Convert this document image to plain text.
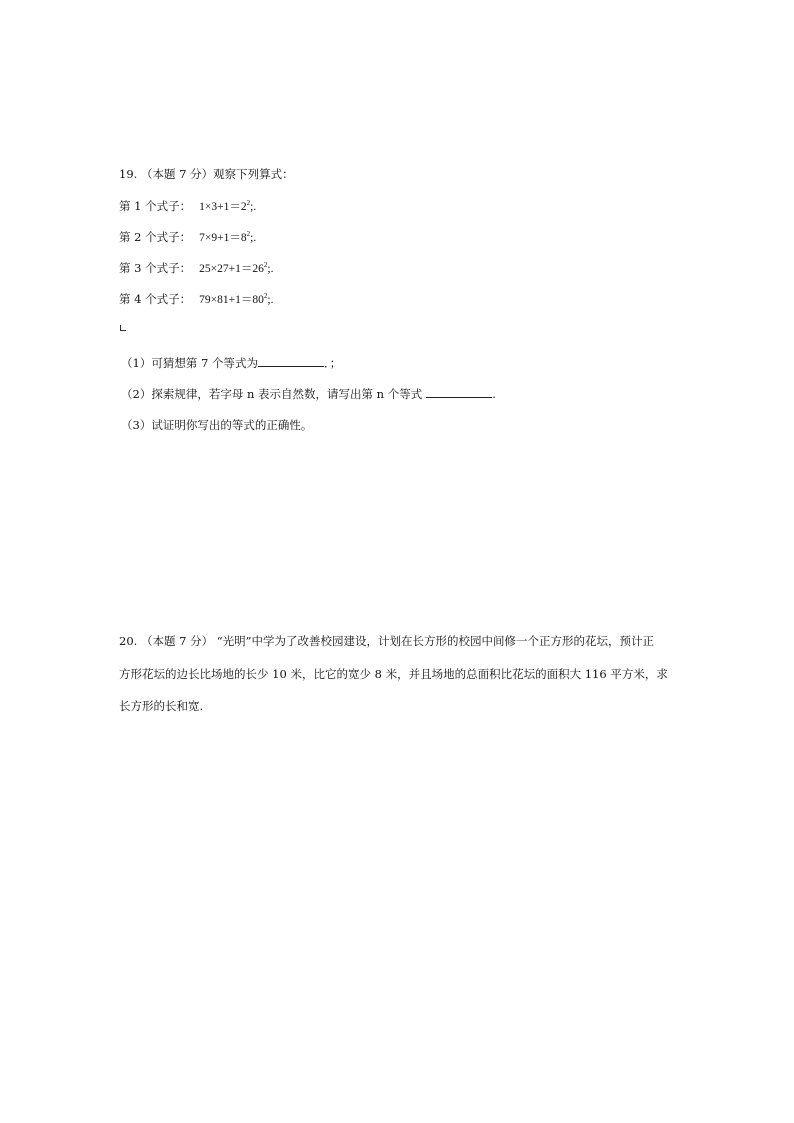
19. （本题 7 分）观察下列算式：
第 1 个式子： $1\times 3+1=2^2$;.
第 2 个式子： $7\times 9+1=8^2$;.
第 3 个式子： $25\times 27+1=26^2$;.
第 4 个式子： $79\times 81+1=80^2$;.
（1）可猜想第 7 个等式为	．；
（2）探索规律，若字母 n 表示自然数，请写出第 n 个等式	.
（3）试证明你写出的等式的正确性。
20. （本题 7 分） “光明”中学为了改善校园建设，计划在长方形的校园中间修一个正方形的花坛，预计正
方形花坛的边长比场地的长少 10 米，比它的宽少 8 米，并且场地的总面积比花坛的面积大 116 平方米，求
长方形的长和宽.
